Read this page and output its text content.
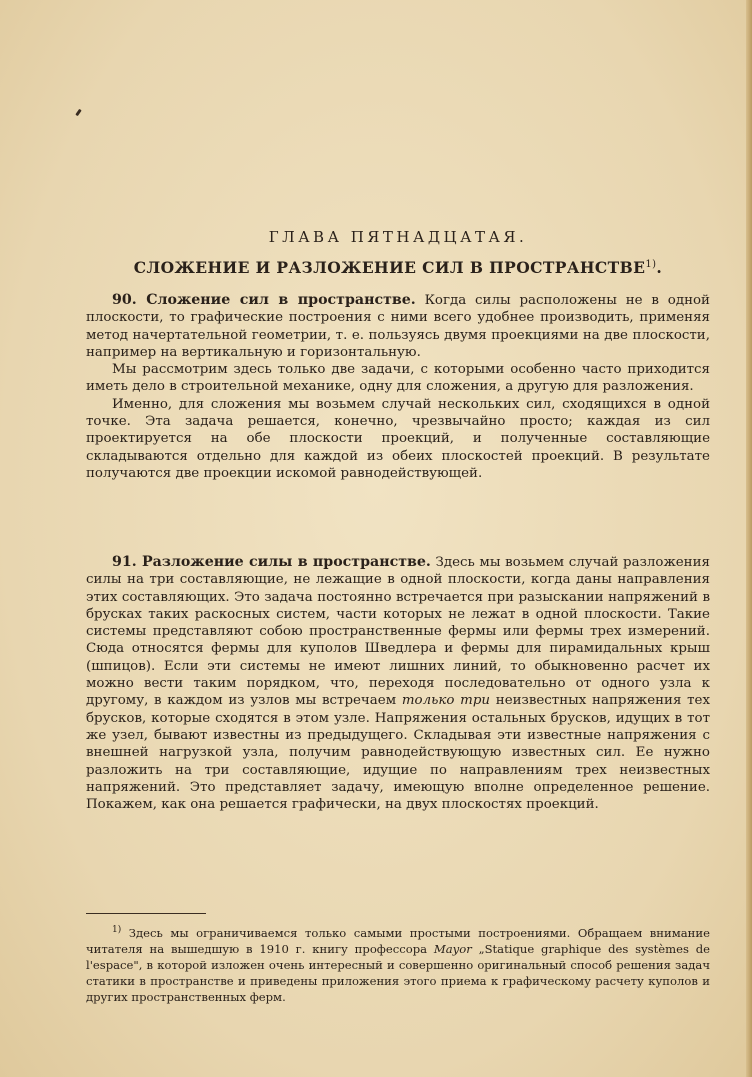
ГЛАВА ПЯТНАДЦАТАЯ.
СЛОЖЕНИЕ И РАЗЛОЖЕНИЕ СИЛ В ПРОСТРАНСТВЕ$^{1)}$.

90. Сложение сил в пространстве. Когда силы расположены не в одной плоскости, то графические построения с ними всего удобнее производить, применяя метод начертательной геометрии, т. е. пользуясь двумя проекциями на две плоскости, например на вертикальную и горизонтальную.

Мы рассмотрим здесь только две задачи, с которыми особенно часто приходится иметь дело в строительной механике, одну для сложения, а другую для разложения.

Именно, для сложения мы возьмем случай нескольких сил, сходящихся в одной точке. Эта задача решается, конечно, чрезвычайно просто; каждая из сил проектируется на обе плоскости проекций, и полученные составляющие складываются отдельно для каждой из обеих плоскостей проекций. В результате получаются две проекции искомой равнодействующей.

91. Разложение силы в пространстве. Здесь мы возьмем случай разложения силы на три составляющие, не лежащие в одной плоскости, когда даны направления этих составляющих. Это задача постоянно встречается при разыскании напряжений в брусках таких раскосных систем, части которых не лежат в одной плоскости. Такие системы представляют собою пространственные фермы или фермы трех измерений. Сюда относятся фермы для куполов Шведлера и фермы для пирамидальных крыш (шпицов). Если эти системы не имеют лишних линий, то обыкновенно расчет их можно вести таким порядком, что, переходя последовательно от одного узла к другому, в каждом из узлов мы встречаем только три неизвестных напряжения тех брусков, которые сходятся в этом узле. Напряжения остальных брусков, идущих в тот же узел, бывают известны из предыдущего. Складывая эти известные напряжения с внешней нагрузкой узла, получим равнодействующую известных сил. Ее нужно разложить на три составляющие, идущие по направлениям трех неизвестных напряжений. Это представляет задачу, имеющую вполне определенное решение. Покажем, как она решается графически, на двух плоскостях проекций.

$^{1)}$ Здесь мы ограничиваемся только самыми простыми построениями. Обращаем внимание читателя на вышедшую в 1910 г. книгу профессора Mayor „Statique graphique des systèmes de l'espace", в которой изложен очень интересный и совершенно оригинальный способ решения задач статики в пространстве и приведены приложения этого приема к графическому расчету куполов и других пространственных ферм.
